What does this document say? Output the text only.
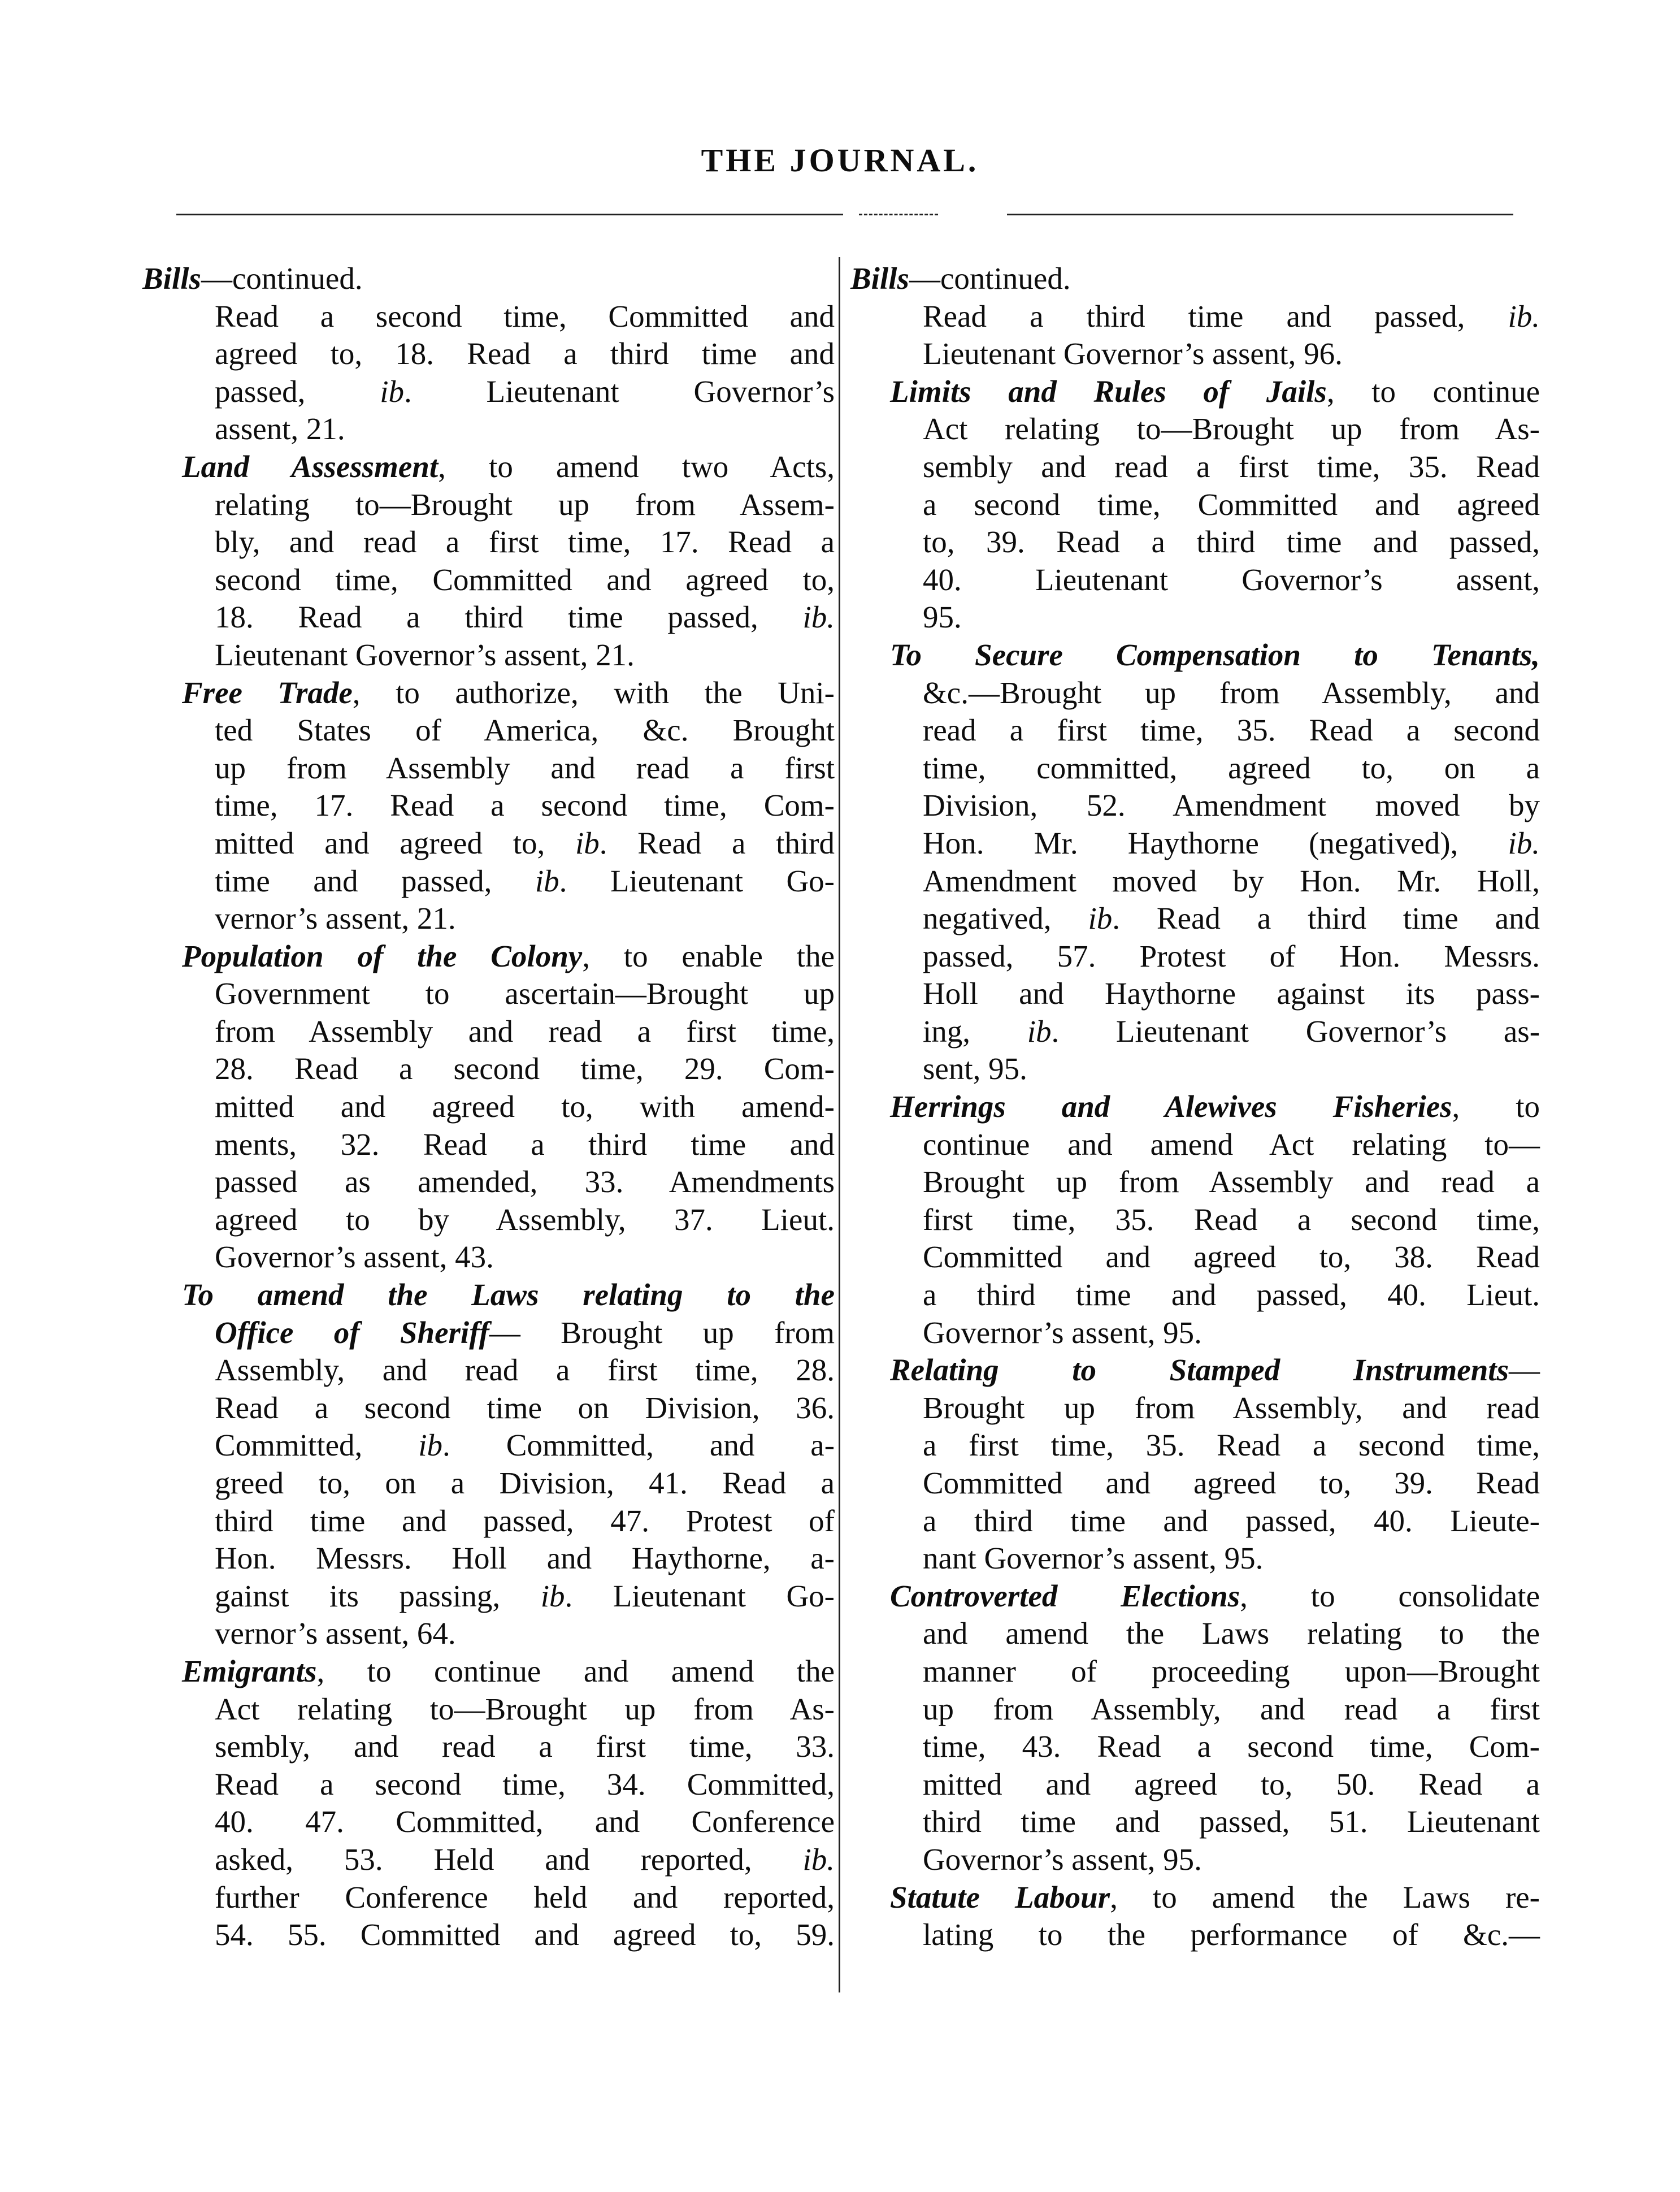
THE JOURNAL.
Bills—continued.
Read a second time, Committed and
agreed to, 18. Read a third time and
passed, ib. Lieutenant Governor’s
assent, 21.
Land Assessment, to amend two Acts,
relating to—Brought up from Assem-
bly, and read a first time, 17. Read a
second time, Committed and agreed to,
18. Read a third time passed, ib.
Lieutenant Governor’s assent, 21.
Free Trade, to authorize, with the Uni-
ted States of America, &c. Brought
up from Assembly and read a first
time, 17. Read a second time, Com-
mitted and agreed to, ib. Read a third
time and passed, ib. Lieutenant Go-
vernor’s assent, 21.
Population of the Colony, to enable the
Government to ascertain—Brought up
from Assembly and read a first time,
28. Read a second time, 29. Com-
mitted and agreed to, with amend-
ments, 32. Read a third time and
passed as amended, 33. Amendments
agreed to by Assembly, 37. Lieut.
Governor’s assent, 43.
To amend the Laws relating to the
Office of Sheriff— Brought up from
Assembly, and read a first time, 28.
Read a second time on Division, 36.
Committed, ib. Committed, and a-
greed to, on a Division, 41. Read a
third time and passed, 47. Protest of
Hon. Messrs. Holl and Haythorne, a-
gainst its passing, ib. Lieutenant Go-
vernor’s assent, 64.
Emigrants, to continue and amend the
Act relating to—Brought up from As-
sembly, and read a first time, 33.
Read a second time, 34. Committed,
40. 47. Committed, and Conference
asked, 53. Held and reported, ib.
further Conference held and reported,
54. 55. Committed and agreed to, 59.
Bills—continued.
Read a third time and passed, ib.
Lieutenant Governor’s assent, 96.
Limits and Rules of Jails, to continue
Act relating to—Brought up from As-
sembly and read a first time, 35. Read
a second time, Committed and agreed
to, 39. Read a third time and passed,
40. Lieutenant Governor’s assent,
95.
To Secure Compensation to Tenants,
&c.—Brought up from Assembly, and
read a first time, 35. Read a second
time, committed, agreed to, on a
Division, 52. Amendment moved by
Hon. Mr. Haythorne (negatived), ib.
Amendment moved by Hon. Mr. Holl,
negatived, ib. Read a third time and
passed, 57. Protest of Hon. Messrs.
Holl and Haythorne against its pass-
ing, ib. Lieutenant Governor’s as-
sent, 95.
Herrings and Alewives Fisheries, to
continue and amend Act relating to—
Brought up from Assembly and read a
first time, 35. Read a second time,
Committed and agreed to, 38. Read
a third time and passed, 40. Lieut.
Governor’s assent, 95.
Relating to Stamped Instruments—
Brought up from Assembly, and read
a first time, 35. Read a second time,
Committed and agreed to, 39. Read
a third time and passed, 40. Lieute-
nant Governor’s assent, 95.
Controverted Elections, to consolidate
and amend the Laws relating to the
manner of proceeding upon—Brought
up from Assembly, and read a first
time, 43. Read a second time, Com-
mitted and agreed to, 50. Read a
third time and passed, 51. Lieutenant
Governor’s assent, 95.
Statute Labour, to amend the Laws re-
lating to the performance of &c.—
